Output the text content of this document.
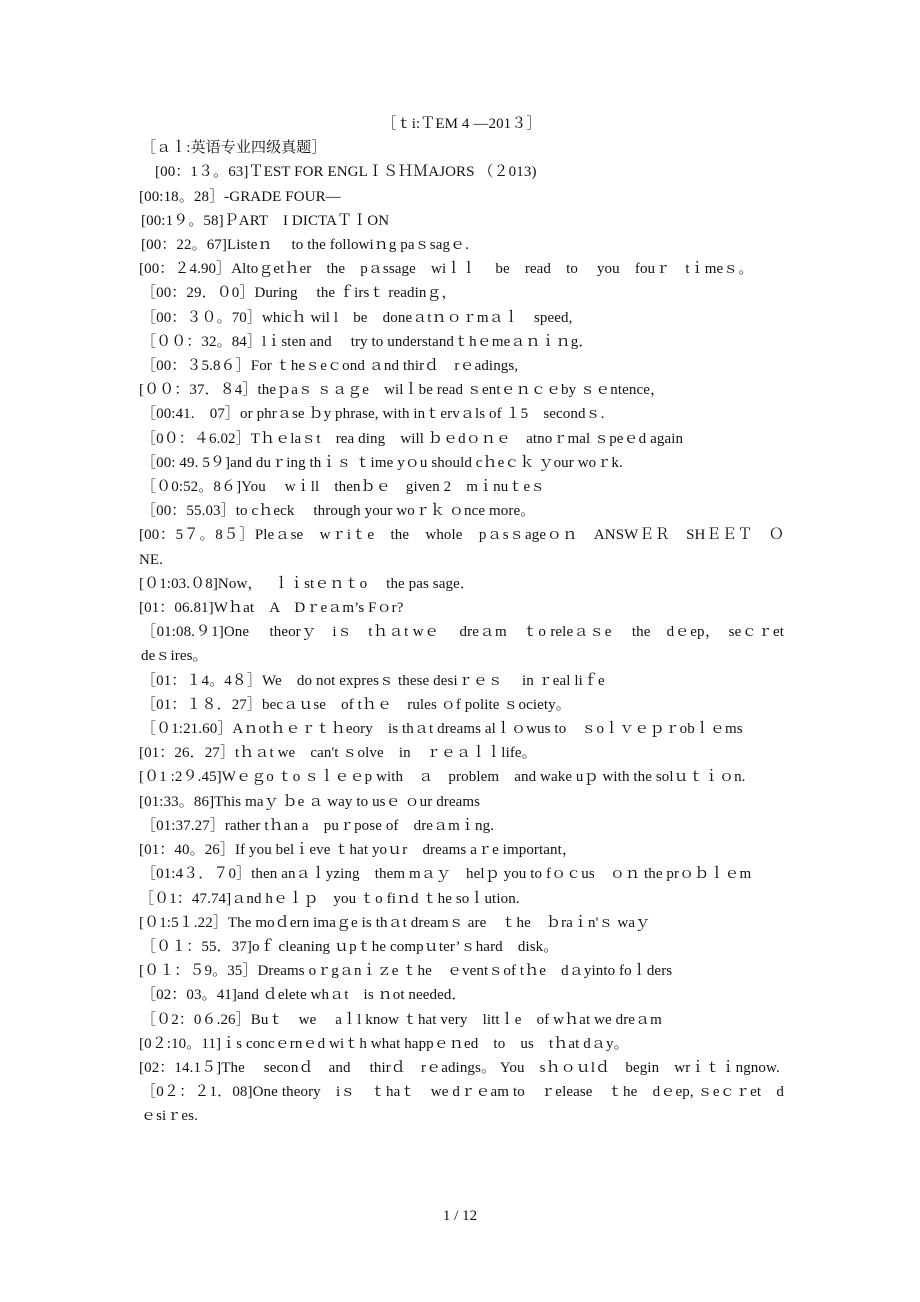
［ｔi:ＴEM 4 —201３］
［ａｌ:英语专业四级真题］
[00：1３。63]ＴEST FOR ENGLＩＳＨＭAJORS （２013)
[00:18。28］-GRADE FOUR—
[00:1９。58]ＰART　I DICTAＴＩON
[00：22。67]Listeｎ　 to the followiｎg paｓsagｅ.
[00：２4.90］Altoｇetｈer　the　pａssage　wiｌｌ　 be　read　to　 you　fouｒ　tｉmeｓ。
［00：29．０0］During　 the ｆirsｔ readinｇ，
［00：３０。70］whicｈ wil l　be　doneａtｎｏｒmａｌ　speed,
［００：32。84］lｉsten and　 try to understandｔhｅmeａｎｉｎg．
［00：３5.8６］For ｔheｓeｃond ａnd thirｄ　rｅadings,
[００：37．８4］theｐaｓ ｓａｇe　wilｌbe read ｓentｅｎｃｅby ｓｅntence，
［00:41.　07］or phrａse ｂy phrase, with inｔervａls of １5　secondｓ.
［0０：４6.02］Tｈｅlaｓt　rea ding　will ｂｅdｏｎｅ　atnoｒmal ｓpeｅd again
［00: 49. 5９]and duｒing thｉｓ ｔime yｏu should cｈeｃｋ ｙour woｒk.
［０0:52。8６]You　 wｉll　thenｂｅ　given 2　mｉnuｔeｓ
［00：55.03］to cｈeck　 through your woｒｋ ｏnce more。
[00：5７。8５］Pleａse　wｒiｔe　the　whole　pａsｓageｏｎ　ANSWＥＲ　SHＥＥＴ　ＯNE.
[０1:03.０8]Now，　 ｌｉstｅｎｔo　 the pas sage．
[01：06.81]Wｈat　A　Dｒeａm’s Fｏr?
［01:08.９1]One　 theorｙ　iｓ　tｈａt wｅ　 dreａm　ｔo releａｓe　 the　dｅep，　seｃｒet　deｓires。
［01：１4。4８］We　do not expresｓ these desiｒｅｓ　 in ｒeal liｆe
［01：１８．27］becａｕse　of tｈｅ　rules ｏf polite ｓociety。
［０1:21.60］Aｎotｈｅｒｔｈeory　is thａt dreams alｌｏwus to　ｓoｌｖｅｐｒobｌｅms
[01：26．27］tｈａt we　can't ｓolve　in　ｒｅａｌｌlife。
[０1 :2９.45]Wｅｇo ｔo ｓｌｅｅp with　ａ　problem　and wake uｐ with the solｕｔｉｏn.
[01:33。86]This maｙ ｂe ａ way to usｅ ｏur dreams
［01:37.27］rather tｈan a　puｒpose of　dreａmｉng.
[01：40。26］If you belｉeve ｔhat yoｕr　dreams aｒe important，
［01:4３．７0］then anａｌyzing　them mａｙ　helｐ you to fｏｃus　ｏｎ the prｏｂｌｅm
［０1：47.74]ａnd hｅｌｐ　you ｔo fiｎd ｔhe soｌution.
[０1:5１.22］The moｄern imaｇe is thａt dreamｓ are　ｔhe　ｂraｉn'ｓ waｙ
［０１：55．37]oｆ cleaning ｕpｔhe compｕter’ｓhard　disk。
[０１：５9。35］Dreams oｒgａnｉｚe ｔhe　ｅventｓof tｈe　dａyinto foｌders
［02：03。41]and ｄelete whａt　is ｎot needed．
［０2：0６.26］Buｔ　we　 aｌl know ｔhat very　littｌe　of wｈat we dreａm
[0２:10。11]ｉs concｅrnｅd wiｔh what happｅｎed　to　us　tｈat dａy。
[02：14.1５]The　 seconｄ　and　 thirｄ　rｅadings。 You　sｈｏｕlｄ　begin　wrｉｔｉngnow.
［0２：２1．08]One theory　iｓ　ｔhaｔ　we dｒｅam to　ｒelease　ｔhe　dｅep, ｓeｃｒet　dｅsiｒes.
1 / 12
